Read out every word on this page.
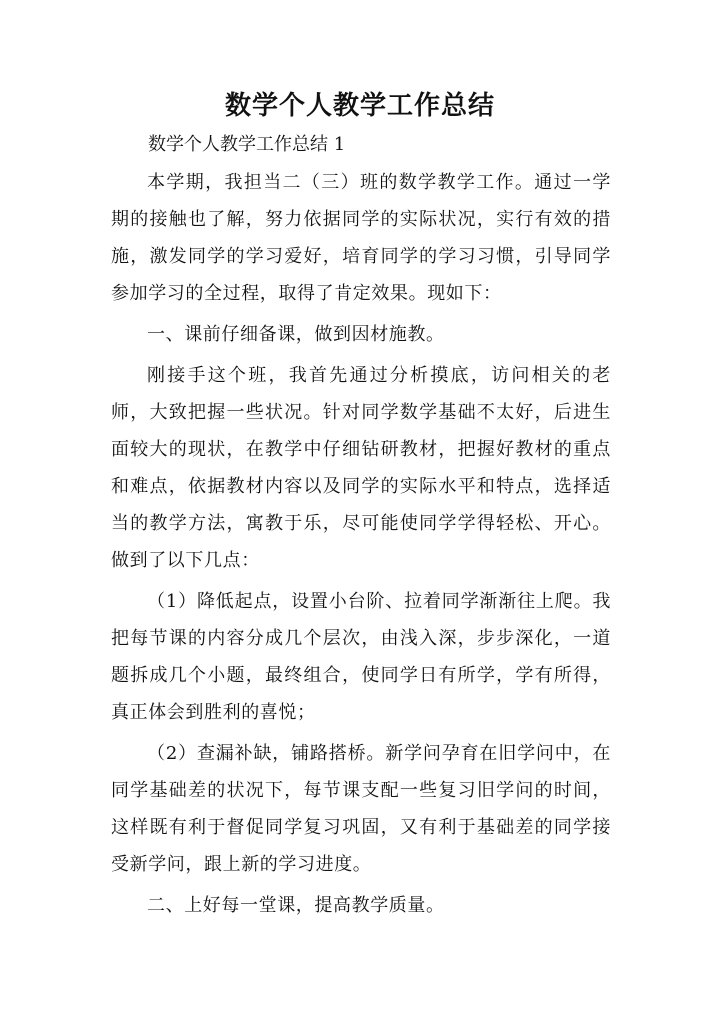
数学个人教学工作总结

数学个人教学工作总结 1

本学期，我担当二（三）班的数学教学工作。通过一学期的接触也了解，努力依据同学的实际状况，实行有效的措施，激发同学的学习爱好，培育同学的学习习惯，引导同学参加学习的全过程，取得了肯定效果。现如下：

一、课前仔细备课，做到因材施教。

刚接手这个班，我首先通过分析摸底，访问相关的老师，大致把握一些状况。针对同学数学基础不太好，后进生面较大的现状，在教学中仔细钻研教材，把握好教材的重点和难点，依据教材内容以及同学的实际水平和特点，选择适当的教学方法，寓教于乐，尽可能使同学学得轻松、开心。做到了以下几点：

（1）降低起点，设置小台阶、拉着同学渐渐往上爬。我把每节课的内容分成几个层次，由浅入深，步步深化，一道题拆成几个小题，最终组合，使同学日有所学，学有所得，真正体会到胜利的喜悦；

（2）查漏补缺，铺路搭桥。新学问孕育在旧学问中，在同学基础差的状况下，每节课支配一些复习旧学问的时间，这样既有利于督促同学复习巩固，又有利于基础差的同学接受新学问，跟上新的学习进度。

二、上好每一堂课，提高教学质量。
